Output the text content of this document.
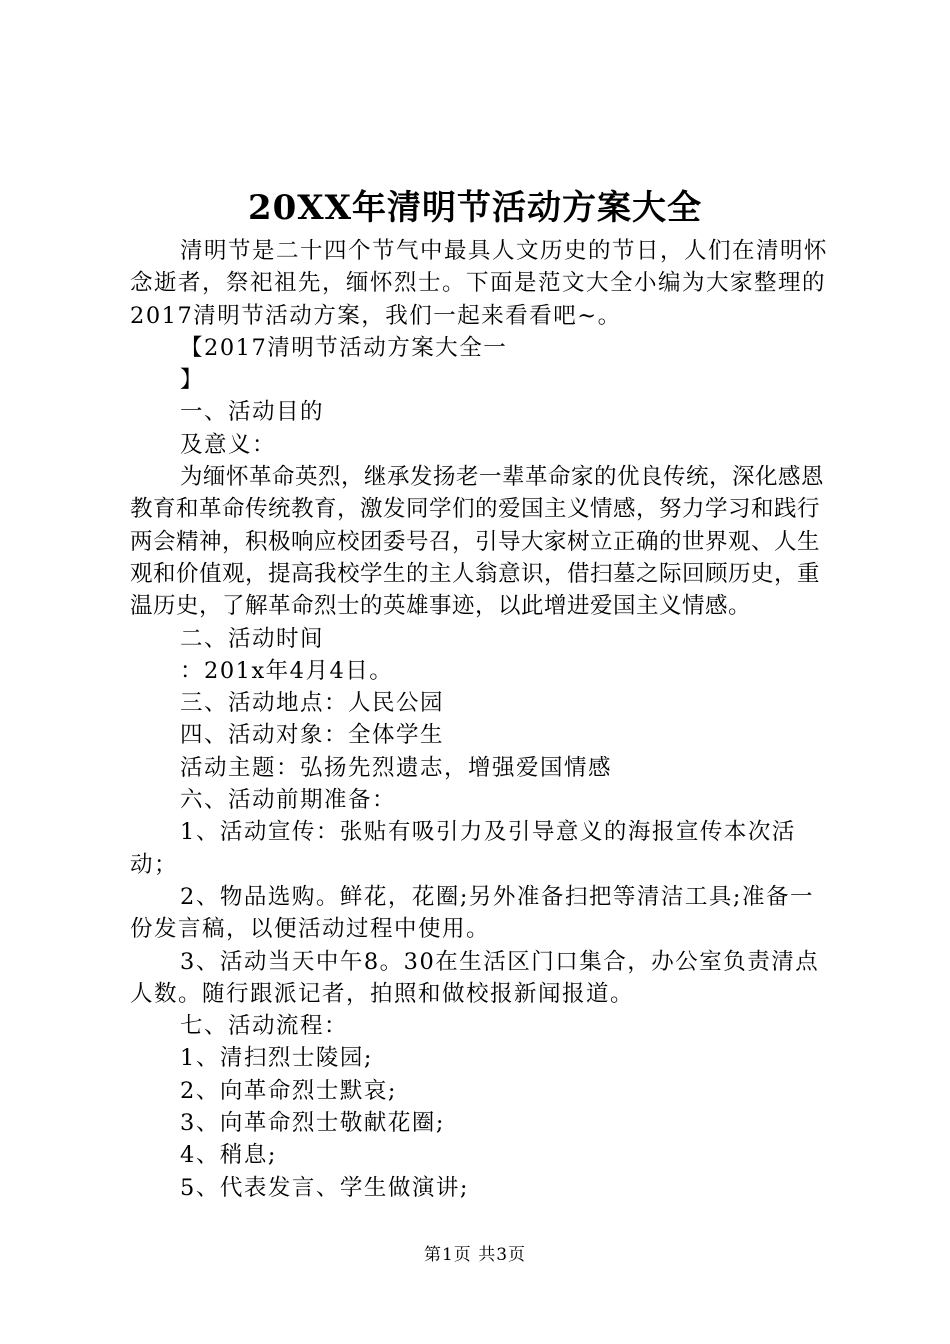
20XX年清明节活动方案大全

清明节是二十四个节气中最具人文历史的节日，人们在清明怀念逝者，祭祀祖先，缅怀烈士。下面是范文大全小编为大家整理的2017清明节活动方案，我们一起来看看吧~。

【2017清明节活动方案大全一

】

一、活动目的

及意义：

为缅怀革命英烈，继承发扬老一辈革命家的优良传统，深化感恩教育和革命传统教育，激发同学们的爱国主义情感，努力学习和践行两会精神，积极响应校团委号召，引导大家树立正确的世界观、人生观和价值观，提高我校学生的主人翁意识，借扫墓之际回顾历史，重温历史，了解革命烈士的英雄事迹，以此增进爱国主义情感。

二、活动时间

：201x年4月4日。

三、活动地点：人民公园

四、活动对象：全体学生

活动主题：弘扬先烈遗志，增强爱国情感

六、活动前期准备：

1、活动宣传：张贴有吸引力及引导意义的海报宣传本次活动；

2、物品选购。鲜花，花圈;另外准备扫把等清洁工具;准备一份发言稿，以便活动过程中使用。

3、活动当天中午8。30在生活区门口集合，办公室负责清点人数。随行跟派记者，拍照和做校报新闻报道。

七、活动流程：

1、清扫烈士陵园;

2、向革命烈士默哀;

3、向革命烈士敬献花圈;

4、稍息;

5、代表发言、学生做演讲;

第1页 共3页
